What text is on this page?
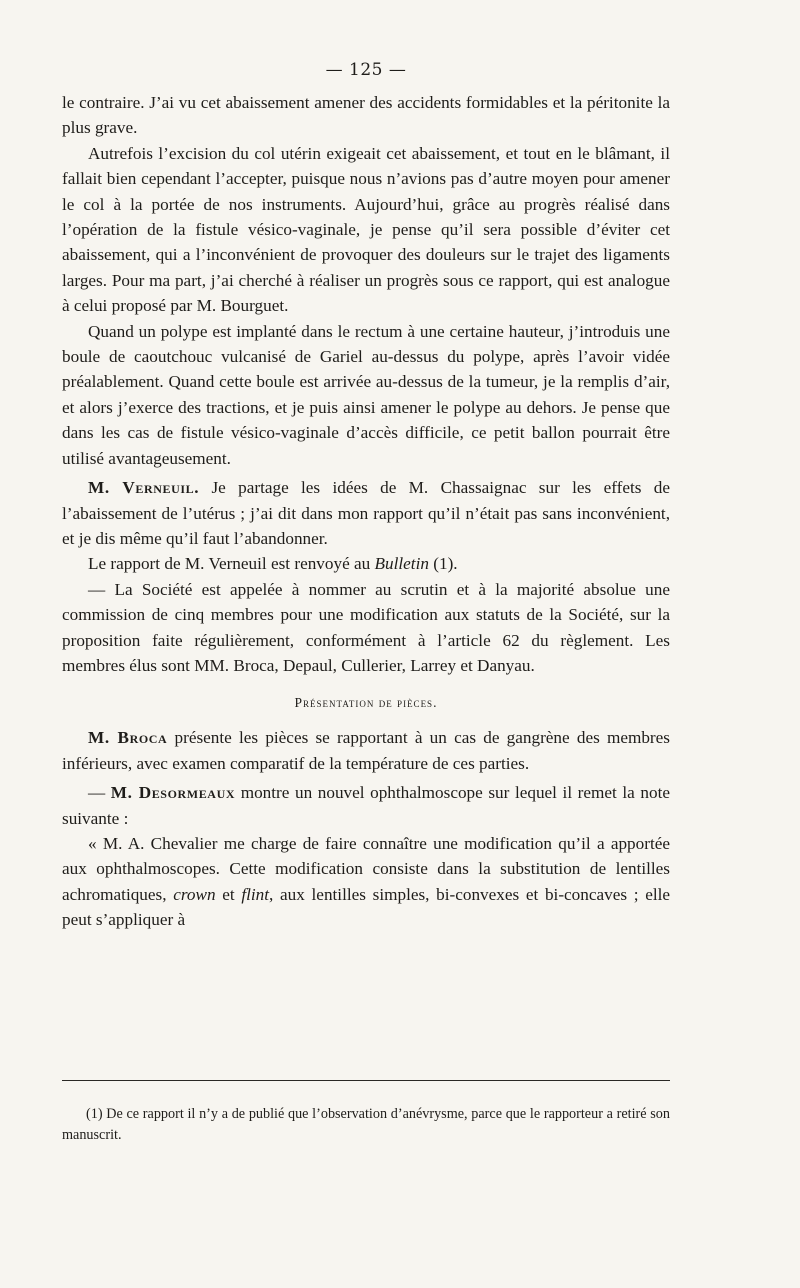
— 125 —

le contraire. J’ai vu cet abaissement amener des accidents formidables et la péritonite la plus grave.

Autrefois l’excision du col utérin exigeait cet abaissement, et tout en le blâmant, il fallait bien cependant l’accepter, puisque nous n’avions pas d’autre moyen pour amener le col à la portée de nos instruments. Aujourd’hui, grâce au progrès réalisé dans l’opération de la fistule vésico-vaginale, je pense qu’il sera possible d’éviter cet abaissement, qui a l’inconvénient de provoquer des douleurs sur le trajet des ligaments larges. Pour ma part, j’ai cherché à réaliser un progrès sous ce rapport, qui est analogue à celui proposé par M. Bourguet.

Quand un polype est implanté dans le rectum à une certaine hauteur, j’introduis une boule de caoutchouc vulcanisé de Gariel au-dessus du polype, après l’avoir vidée préalablement. Quand cette boule est arrivée au-dessus de la tumeur, je la remplis d’air, et alors j’exerce des tractions, et je puis ainsi amener le polype au dehors. Je pense que dans les cas de fistule vésico-vaginale d’accès difficile, ce petit ballon pourrait être utilisé avantageusement.

M. Verneuil. Je partage les idées de M. Chassaignac sur les effets de l’abaissement de l’utérus ; j’ai dit dans mon rapport qu’il n’était pas sans inconvénient, et je dis même qu’il faut l’abandonner.

Le rapport de M. Verneuil est renvoyé au Bulletin (1).

— La Société est appelée à nommer au scrutin et à la majorité absolue une commission de cinq membres pour une modification aux statuts de la Société, sur la proposition faite régulièrement, conformément à l’article 62 du règlement. Les membres élus sont MM. Broca, Depaul, Cullerier, Larrey et Danyau.

Présentation de pièces.

M. Broca présente les pièces se rapportant à un cas de gangrène des membres inférieurs, avec examen comparatif de la température de ces parties.

— M. Desormeaux montre un nouvel ophthalmoscope sur lequel il remet la note suivante :

« M. A. Chevalier me charge de faire connaître une modification qu’il a apportée aux ophthalmoscopes. Cette modification consiste dans la substitution de lentilles achromatiques, crown et flint, aux lentilles simples, bi-convexes et bi-concaves ; elle peut s’appliquer à

(1) De ce rapport il n’y a de publié que l’observation d’anévrysme, parce que le rapporteur a retiré son manuscrit.
